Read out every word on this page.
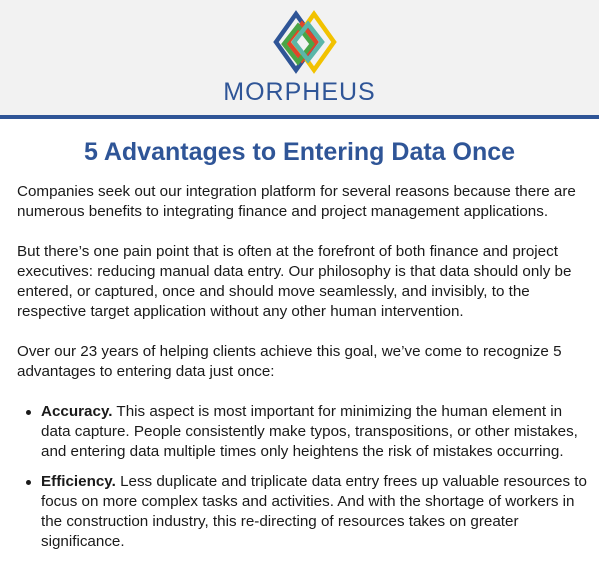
MORPHEUS
5 Advantages to Entering Data Once

Companies seek out our integration platform for several reasons because there are numerous benefits to integrating finance and project management applications.

But there’s one pain point that is often at the forefront of both finance and project executives: reducing manual data entry. Our philosophy is that data should only be entered, or captured, once and should move seamlessly, and invisibly, to the respective target application without any other human intervention.

Over our 23 years of helping clients achieve this goal, we’ve come to recognize 5 advantages to entering data just once:

Accuracy. This aspect is most important for minimizing the human element in data capture. People consistently make typos, transpositions, or other mistakes, and entering data multiple times only heightens the risk of mistakes occurring.
Efficiency. Less duplicate and triplicate data entry frees up valuable resources to focus on more complex tasks and activities. And with the shortage of workers in the construction industry, this re-directing of resources takes on greater significance.
